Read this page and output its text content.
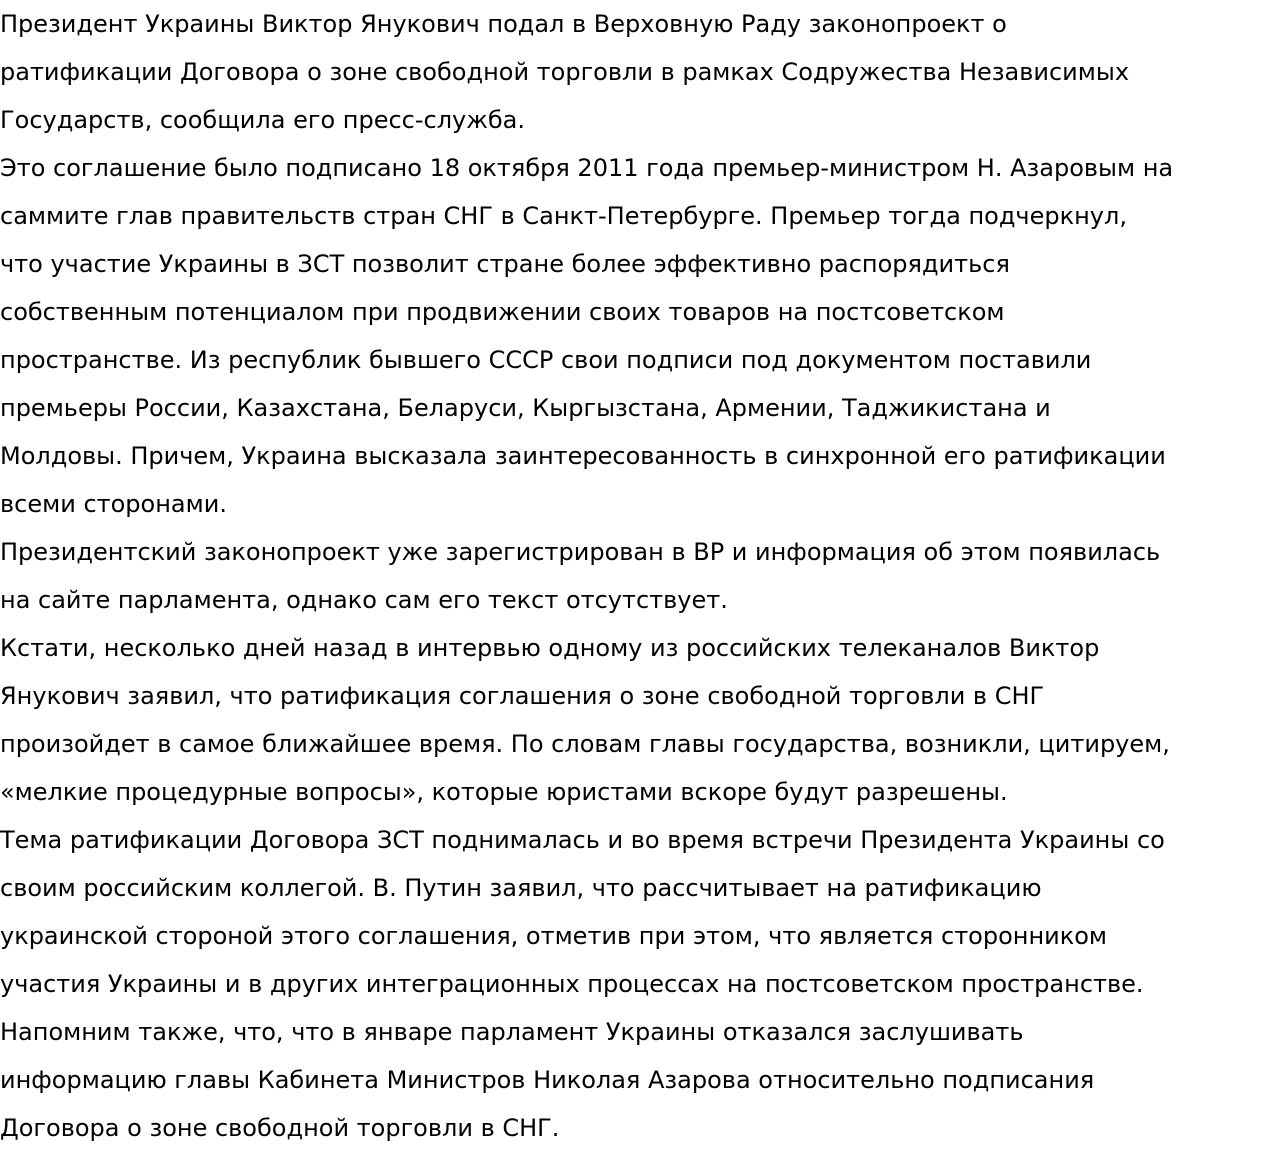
Президент Украины Виктор Янукович подал в Верховную Раду законопроект о
ратификации Договора о зоне свободной торговли в рамках Содружества Независимых
Государств, сообщила его пресс-служба.

Это соглашение было подписано 18 октября 2011 года премьер-министром Н. Азаровым на
саммите глав правительств стран СНГ в Санкт-Петербурге. Премьер тогда подчеркнул,
что участие Украины в ЗСТ позволит стране более эффективно распорядиться
собственным потенциалом при продвижении своих товаров на постсоветском
пространстве. Из республик бывшего СССР свои подписи под документом поставили
премьеры России, Казахстана, Беларуси, Кыргызстана, Армении, Таджикистана и
Молдовы. Причем, Украина высказала заинтересованность в синхронной его ратификации
всеми сторонами.

Президентский законопроект уже зарегистрирован в ВР и информация об этом появилась
на сайте парламента, однако сам его текст отсутствует.

Кстати, несколько дней назад в интервью одному из российских телеканалов Виктор
Янукович заявил, что ратификация соглашения о зоне свободной торговли в СНГ
произойдет в самое ближайшее время. По словам главы государства, возникли, цитируем,
«мелкие процедурные вопросы», которые юристами вскоре будут разрешены.

Тема ратификации Договора ЗСТ поднималась и во время встречи Президента Украины со
своим российским коллегой. В. Путин заявил, что рассчитывает на ратификацию
украинской стороной этого соглашения, отметив при этом, что является сторонником
участия Украины и в других интеграционных процессах на постсоветском пространстве.

Напомним также, что, что в январе парламент Украины отказался заслушивать
информацию главы Кабинета Министров Николая Азарова относительно подписания
Договора о зоне свободной торговли в СНГ.
